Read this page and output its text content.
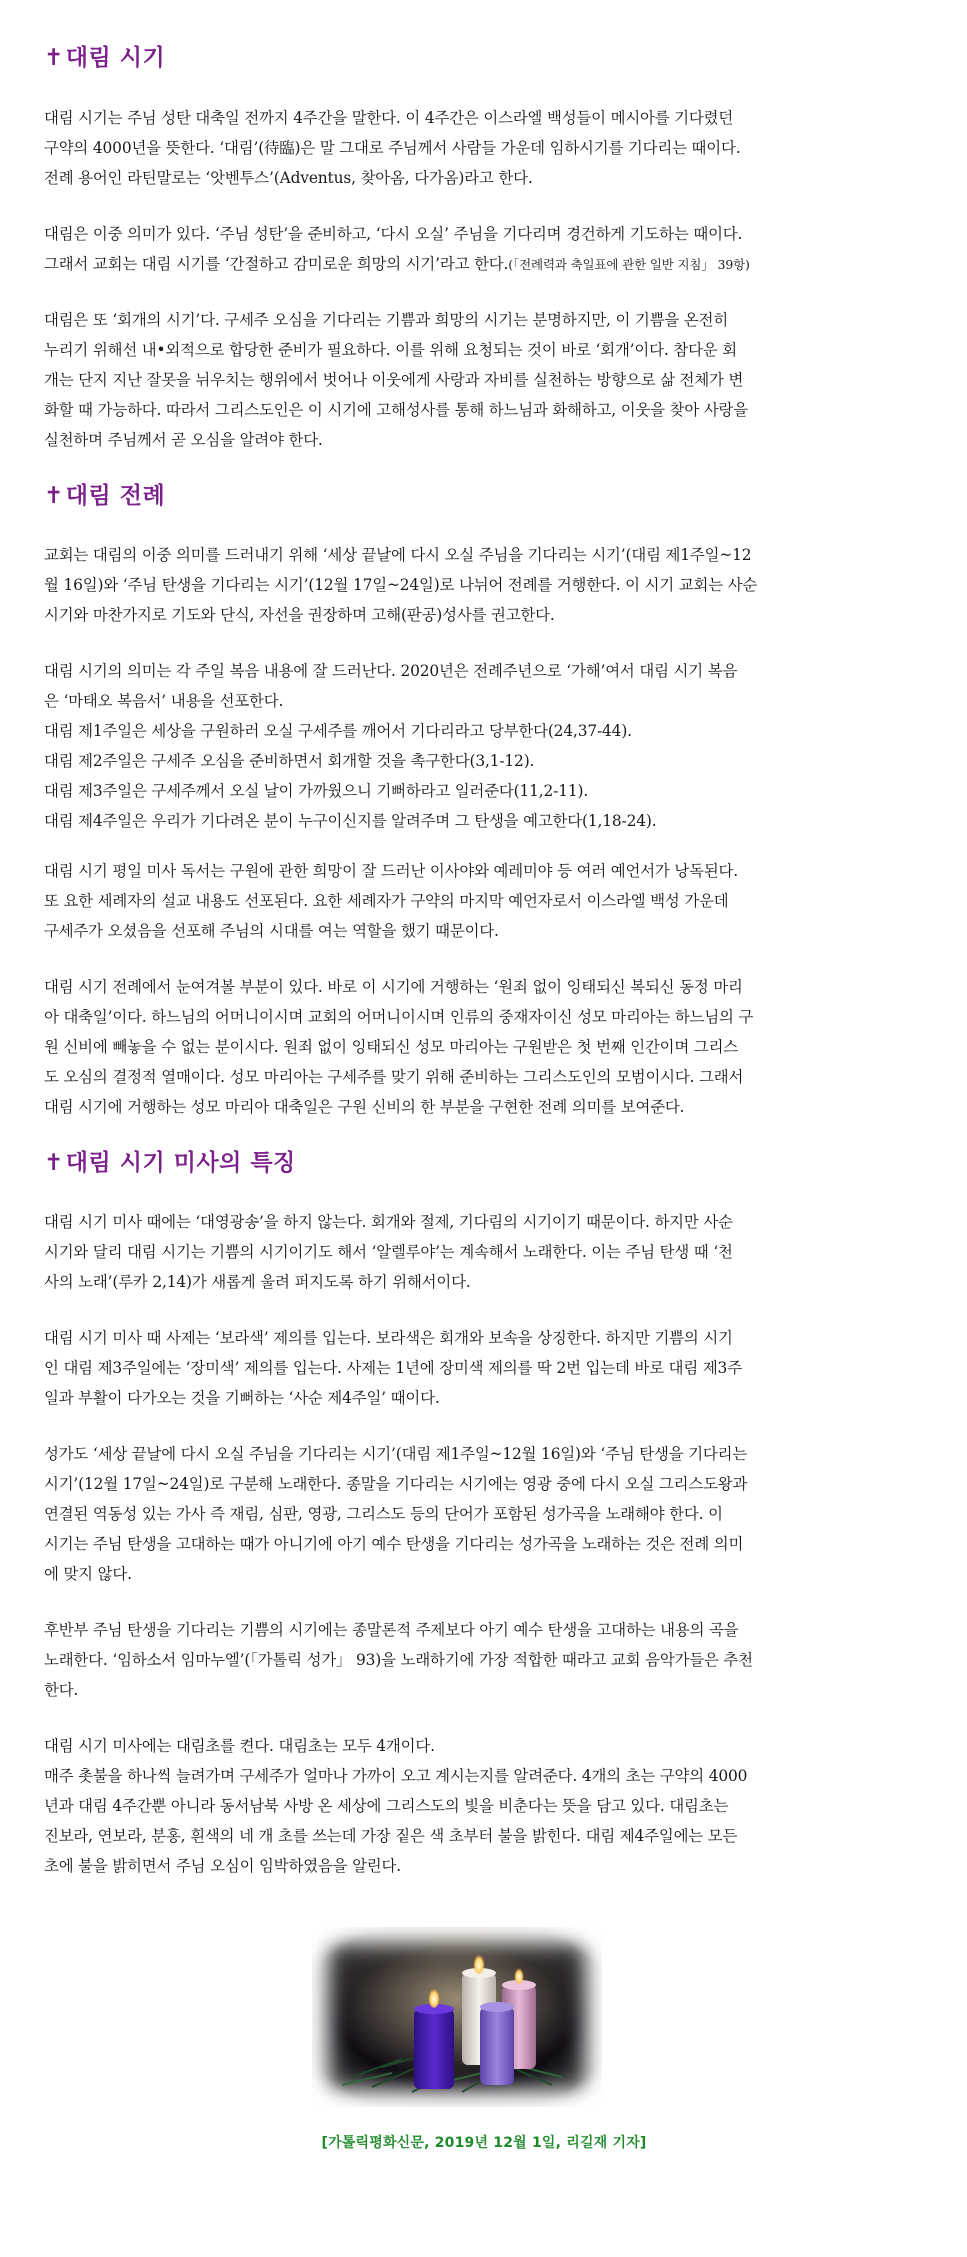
✝대림 시기

대림 시기는 주님 성탄 대축일 전까지 4주간을 말한다. 이 4주간은 이스라엘 백성들이 메시아를 기다렸던
구약의 4000년을 뜻한다. ‘대림’(待臨)은 말 그대로 주님께서 사람들 가운데 임하시기를 기다리는 때이다.
전례 용어인 라틴말로는 ‘앗벤투스’(Adventus, 찾아옴, 다가옴)라고 한다.

대림은 이중 의미가 있다. ‘주님 성탄’을 준비하고, ‘다시 오실’ 주님을 기다리며 경건하게 기도하는 때이다.
그래서 교회는 대림 시기를 ‘간절하고 감미로운 희망의 시기’라고 한다.(「전례력과 축일표에 관한 일반 지침」 39항)

대림은 또 ‘회개의 시기’다. 구세주 오심을 기다리는 기쁨과 희망의 시기는 분명하지만, 이 기쁨을 온전히
누리기 위해선 내•외적으로 합당한 준비가 필요하다. 이를 위해 요청되는 것이 바로 ‘회개’이다. 참다운 회
개는 단지 지난 잘못을 뉘우치는 행위에서 벗어나 이웃에게 사랑과 자비를 실천하는 방향으로 삶 전체가 변
화할 때 가능하다. 따라서 그리스도인은 이 시기에 고해성사를 통해 하느님과 화해하고, 이웃을 찾아 사랑을
실천하며 주님께서 곧 오심을 알려야 한다.

✝대림 전례

교회는 대림의 이중 의미를 드러내기 위해 ‘세상 끝날에 다시 오실 주님을 기다리는 시기’(대림 제1주일~12
월 16일)와 ‘주님 탄생을 기다리는 시기’(12월 17일~24일)로 나뉘어 전례를 거행한다. 이 시기 교회는 사순
시기와 마찬가지로 기도와 단식, 자선을 권장하며 고해(판공)성사를 권고한다.

대림 시기의 의미는 각 주일 복음 내용에 잘 드러난다. 2020년은 전례주년으로 ‘가해’여서 대림 시기 복음
은 ‘마태오 복음서’ 내용을 선포한다.
대림 제1주일은 세상을 구원하러 오실 구세주를 깨어서 기다리라고 당부한다(24,37-44).
대림 제2주일은 구세주 오심을 준비하면서 회개할 것을 촉구한다(3,1-12).
대림 제3주일은 구세주께서 오실 날이 가까웠으니 기뻐하라고 일러준다(11,2-11).
대림 제4주일은 우리가 기다려온 분이 누구이신지를 알려주며 그 탄생을 예고한다(1,18-24).

대림 시기 평일 미사 독서는 구원에 관한 희망이 잘 드러난 이사야와 예레미야 등 여러 예언서가 낭독된다.
또 요한 세례자의 설교 내용도 선포된다. 요한 세례자가 구약의 마지막 예언자로서 이스라엘 백성 가운데
구세주가 오셨음을 선포해 주님의 시대를 여는 역할을 했기 때문이다.

대림 시기 전례에서 눈여겨볼 부분이 있다. 바로 이 시기에 거행하는 ‘원죄 없이 잉태되신 복되신 동정 마리
아 대축일’이다. 하느님의 어머니이시며 교회의 어머니이시며 인류의 중재자이신 성모 마리아는 하느님의 구
원 신비에 빼놓을 수 없는 분이시다. 원죄 없이 잉태되신 성모 마리아는 구원받은 첫 번째 인간이며 그리스
도 오심의 결정적 열매이다. 성모 마리아는 구세주를 맞기 위해 준비하는 그리스도인의 모범이시다. 그래서
대림 시기에 거행하는 성모 마리아 대축일은 구원 신비의 한 부분을 구현한 전례 의미를 보여준다.

✝대림 시기 미사의 특징

대림 시기 미사 때에는 ‘대영광송’을 하지 않는다. 회개와 절제, 기다림의 시기이기 때문이다. 하지만 사순
시기와 달리 대림 시기는 기쁨의 시기이기도 해서 ‘알렐루야’는 계속해서 노래한다. 이는 주님 탄생 때 ‘천
사의 노래’(루카 2,14)가 새롭게 울려 퍼지도록 하기 위해서이다.

대림 시기 미사 때 사제는 ‘보라색’ 제의를 입는다. 보라색은 회개와 보속을 상징한다. 하지만 기쁨의 시기
인 대림 제3주일에는 ‘장미색’ 제의를 입는다. 사제는 1년에 장미색 제의를 딱 2번 입는데 바로 대림 제3주
일과 부활이 다가오는 것을 기뻐하는 ‘사순 제4주일’ 때이다.

성가도 ‘세상 끝날에 다시 오실 주님을 기다리는 시기’(대림 제1주일~12월 16일)와 ‘주님 탄생을 기다리는
시기’(12월 17일~24일)로 구분해 노래한다. 종말을 기다리는 시기에는 영광 중에 다시 오실 그리스도왕과
연결된 역동성 있는 가사 즉 재림, 심판, 영광, 그리스도 등의 단어가 포함된 성가곡을 노래해야 한다. 이
시기는 주님 탄생을 고대하는 때가 아니기에 아기 예수 탄생을 기다리는 성가곡을 노래하는 것은 전례 의미
에 맞지 않다.

후반부 주님 탄생을 기다리는 기쁨의 시기에는 종말론적 주제보다 아기 예수 탄생을 고대하는 내용의 곡을
노래한다. ‘임하소서 임마누엘’(「가톨릭 성가」 93)을 노래하기에 가장 적합한 때라고 교회 음악가들은 추천
한다.

대림 시기 미사에는 대림초를 켠다. 대림초는 모두 4개이다.
매주 촛불을 하나씩 늘려가며 구세주가 얼마나 가까이 오고 계시는지를 알려준다. 4개의 초는 구약의 4000
년과 대림 4주간뿐 아니라 동서남북 사방 온 세상에 그리스도의 빛을 비춘다는 뜻을 담고 있다. 대림초는
진보라, 연보라, 분홍, 흰색의 네 개 초를 쓰는데 가장 짙은 색 초부터 불을 밝힌다. 대림 제4주일에는 모든
초에 불을 밝히면서 주님 오심이 임박하였음을 알린다.

[가톨릭평화신문, 2019년 12월 1일, 리길재 기자]
